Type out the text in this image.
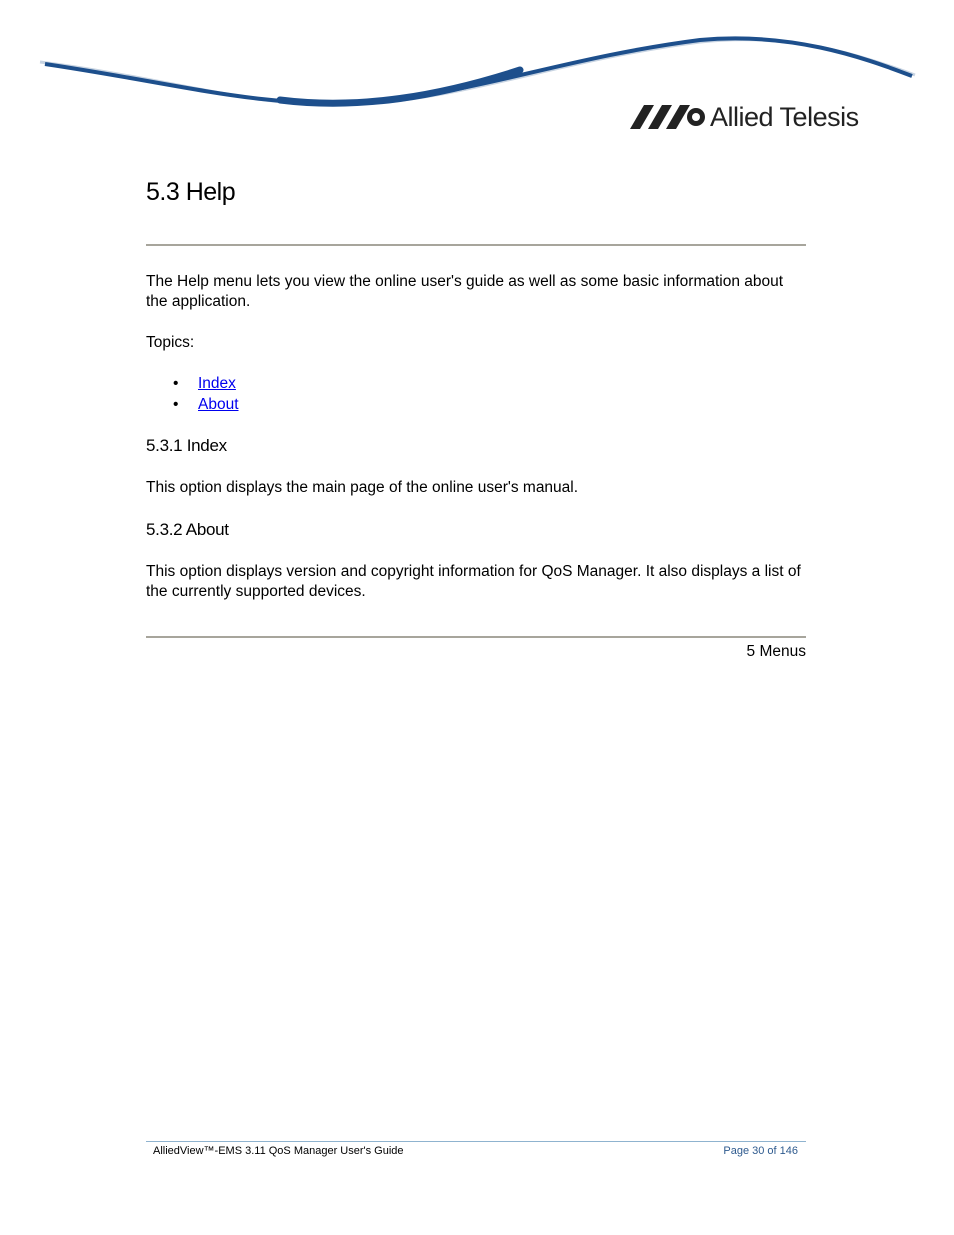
Allied Telesis
5.3 Help

The Help menu lets you view the online user's guide as well as some basic information about the application.

Topics:

• Index
• About
5.3.1 Index

This option displays the main page of the online user's manual.

5.3.2 About

This option displays version and copyright information for QoS Manager. It also displays a list of the currently supported devices.

5 Menus
AlliedView™-EMS 3.11 QoS Manager User's Guide	Page 30 of 146
